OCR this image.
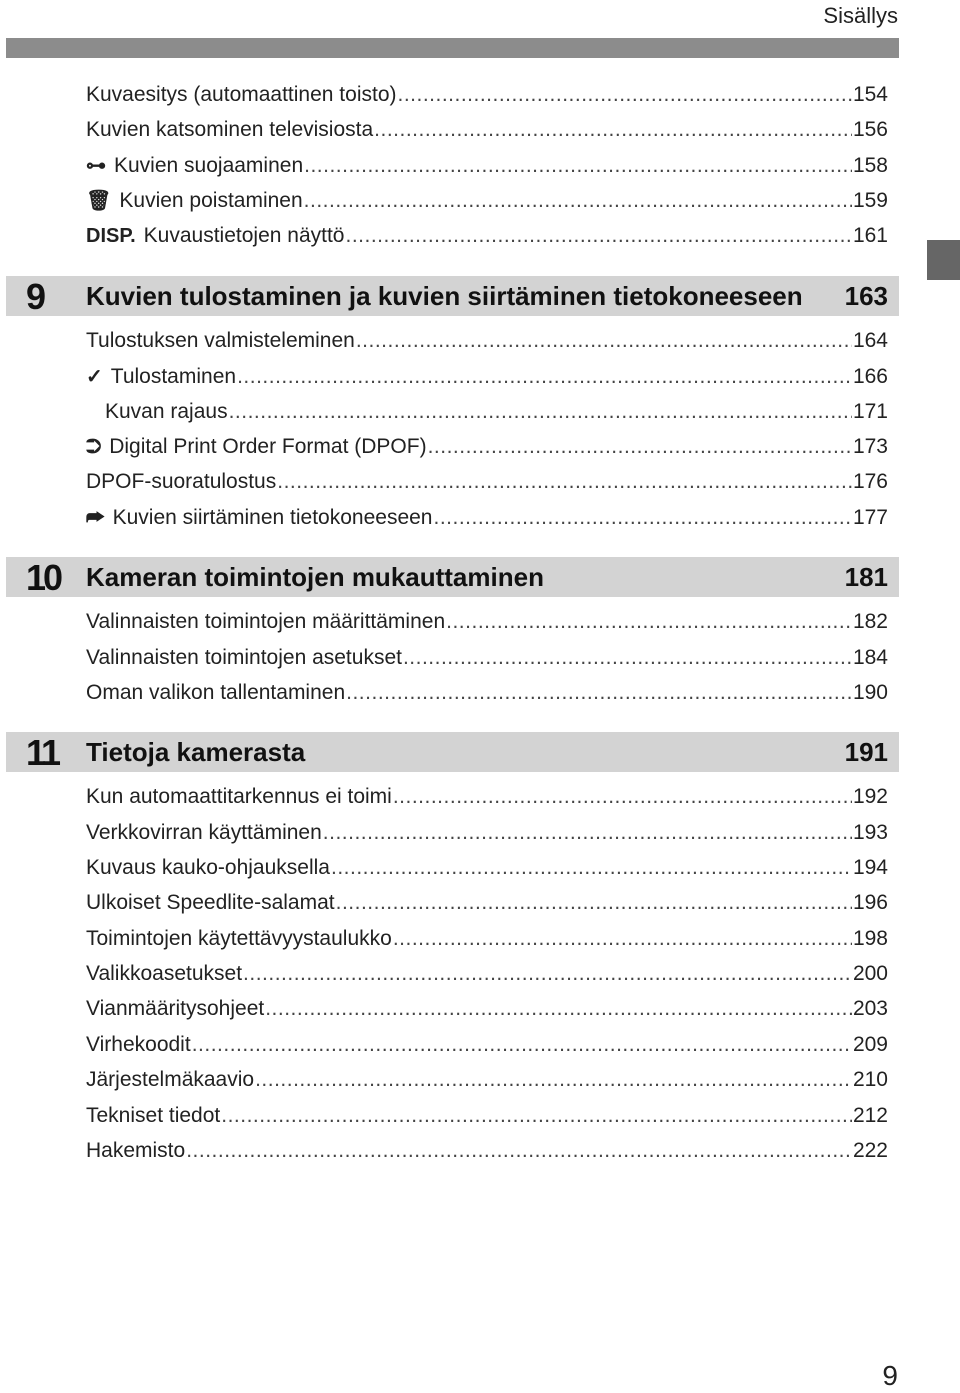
Sisällys
Kuvaesitys (automaattinen toisto) .....	154
Kuvien katsominen televisiosta .....	156
⊶ Kuvien suojaaminen .....	158
🗑 Kuvien poistaminen .....	159
DISP. Kuvaustietojen näyttö .....	161
9 Kuvien tulostaminen ja kuvien siirtäminen tietokoneeseen 163
Tulostuksen valmisteleminen .....	164
✓ Tulostaminen .....	166
Kuvan rajaus .....	171
⮊ Digital Print Order Format (DPOF) .....	173
DPOF-suoratulostus .....	176
⮫ Kuvien siirtäminen tietokoneeseen .....	177
10 Kameran toimintojen mukauttaminen	181
Valinnaisten toimintojen määrittäminen .....	182
Valinnaisten toimintojen asetukset .....	184
Oman valikon tallentaminen .....	190
11 Tietoja kamerasta	191
Kun automaattitarkennus ei toimi .....	192
Verkkovirran käyttäminen .....	193
Kuvaus kauko-ohjauksella .....	194
Ulkoiset Speedlite-salamat .....	196
Toimintojen käytettävyystaulukko .....	198
Valikkoasetukset .....	200
Vianmääritysohjeet .....	203
Virhekoodit .....	209
Järjestelmäkaavio .....	210
Tekniset tiedot .....	212
Hakemisto .....	222
9
